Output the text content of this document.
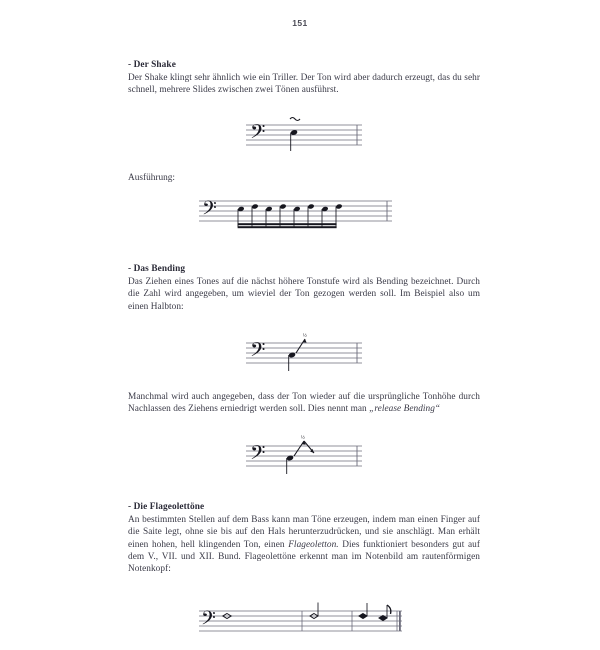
151

- Der Shake

Der Shake klingt sehr ähnlich wie ein Triller. Der Ton wird aber dadurch erzeugt, das du sehr schnell, mehrere Slides zwischen zwei Tönen ausführst.

𝄢

Ausführung:

𝄢

- Das Bending

Das Ziehen eines Tones auf die nächst höhere Tonstufe wird als Bending bezeichnet. Durch die Zahl wird angegeben, um wieviel der Ton gezogen werden soll. Im Beispiel also um einen Halbton:

𝄢
½

Manchmal wird auch angegeben, dass der Ton wieder auf die ursprüngliche Tonhöhe durch Nachlassen des Ziehens erniedrigt werden soll. Dies nennt man „release Bending“

𝄢
½

- Die Flageolettöne

An bestimmten Stellen auf dem Bass kann man Töne erzeugen, indem man einen Finger auf die Saite legt, ohne sie bis auf den Hals herunterzudrücken, und sie anschlägt. Man erhält einen hohen, hell klingenden Ton, einen Flageoletton. Dies funktioniert besonders gut auf dem V., VII. und XII. Bund. Flageolettöne erkennt man im Notenbild am rautenförmigen Notenkopf:

𝄢
